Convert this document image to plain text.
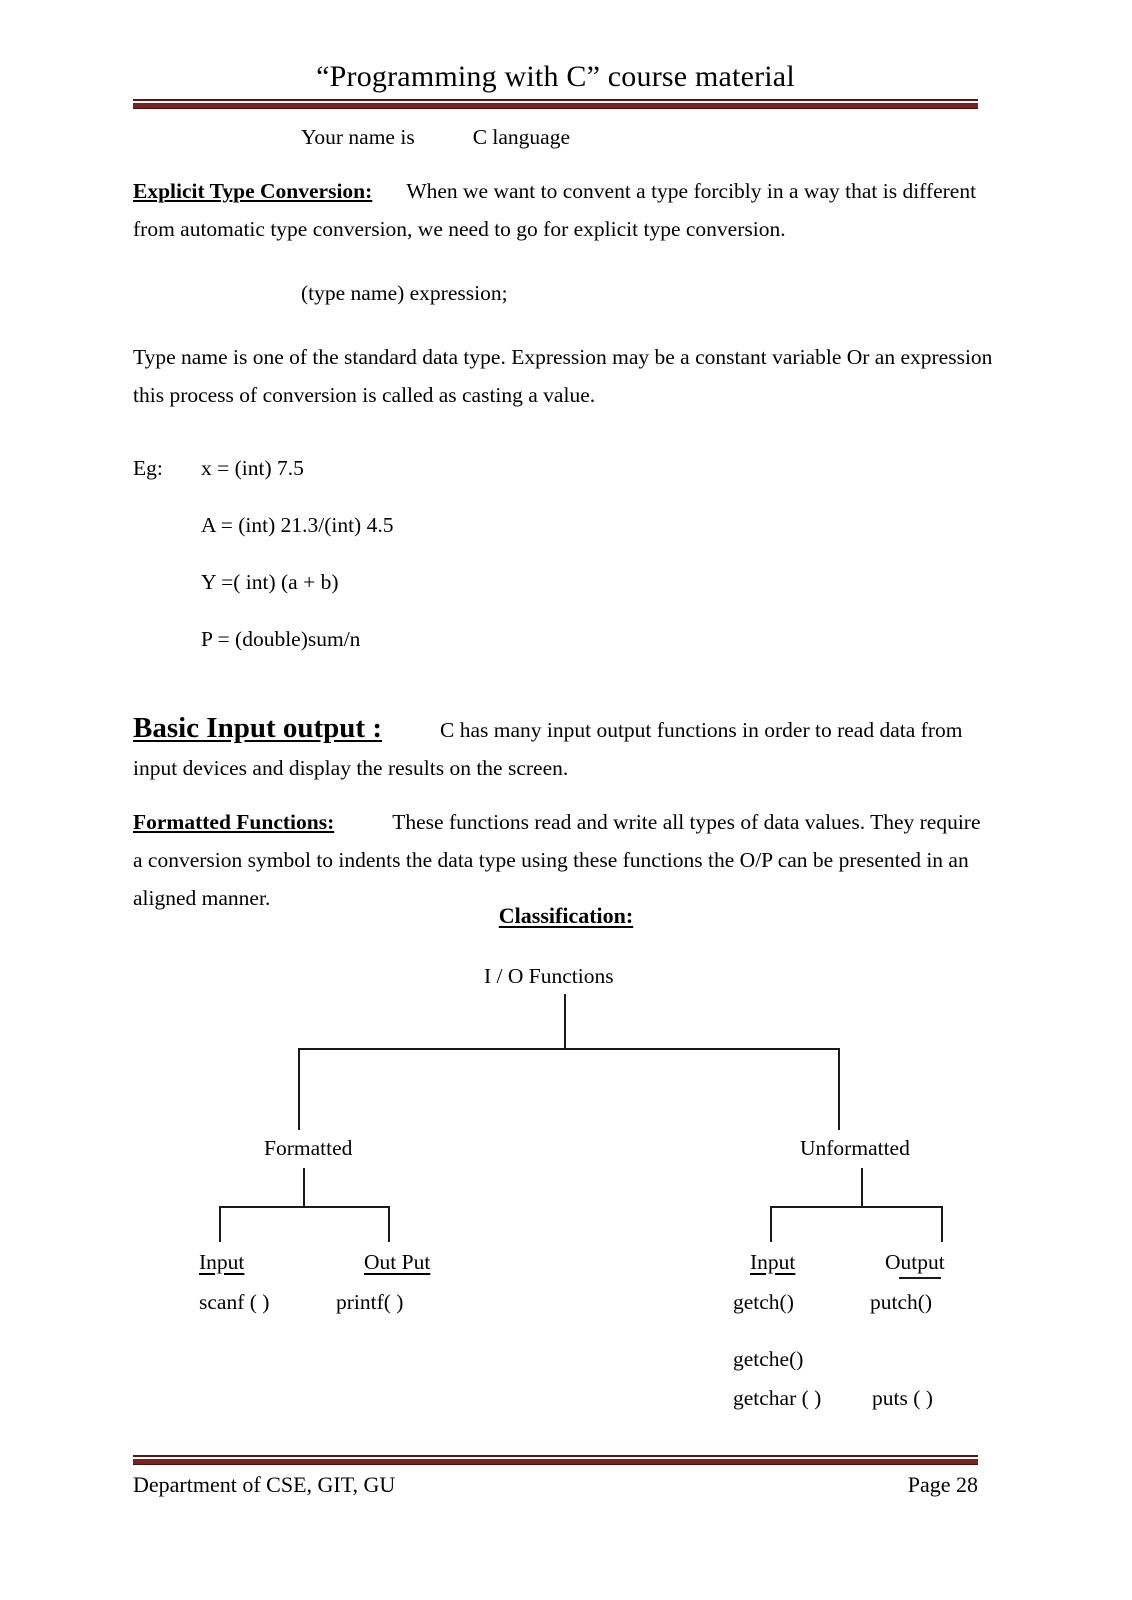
“Programming with C” course material
Your name is	C language

Explicit Type Conversion: When we want to convent a type forcibly in a way that is different from automatic type conversion, we need to go for explicit type conversion.

(type name) expression;

Type name is one of the standard data type. Expression may be a constant variable Or an expression this process of conversion is called as casting a value.

Eg: x = (int) 7.5
A = (int) 21.3/(int) 4.5
Y =( int) (a + b)
P = (double)sum/n

Basic Input output :	C has many input output functions in order to read data from input devices and display the results on the screen.

Formatted Functions:	These functions read and write all types of data values. They require a conversion symbol to indents the data type using these functions the O/P can be presented in an aligned manner.

Classification:
I / O Functions
Formatted	Unformatted
Input	Out Put
scanf ( )	printf( )
Input	Output
getch()	putch()
getche()
getchar ( ) puts ( )
Department of CSE, GIT, GU	Page 28
